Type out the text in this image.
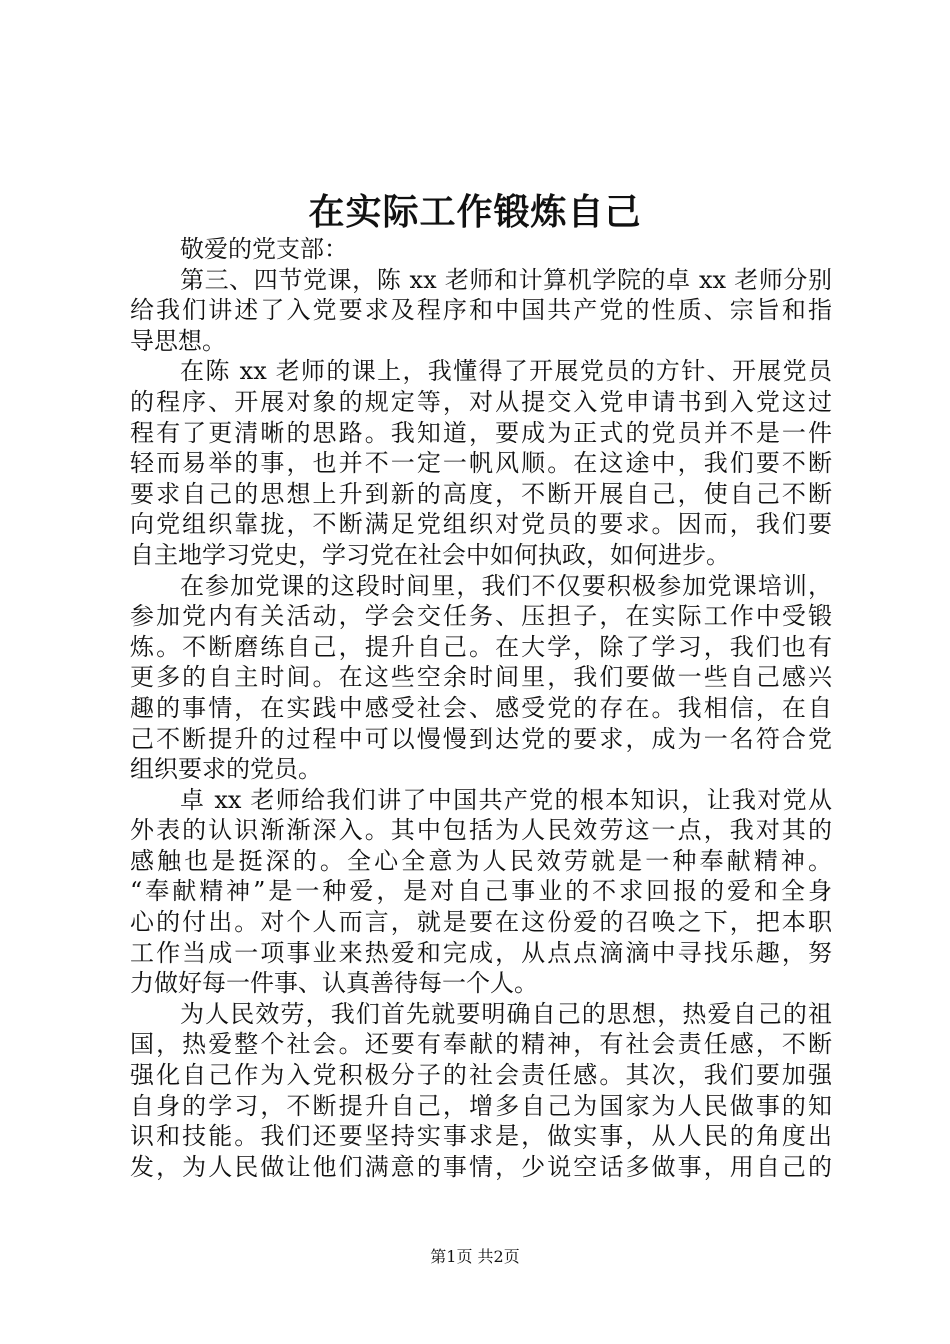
在实际工作锻炼自己
敬爱的党支部：
第三、四节党课，陈 xx 老师和计算机学院的卓 xx 老师分别
给我们讲述了入党要求及程序和中国共产党的性质、宗旨和指
导思想。
在陈 xx 老师的课上，我懂得了开展党员的方针、开展党员
的程序、开展对象的规定等，对从提交入党申请书到入党这过
程有了更清晰的思路。我知道，要成为正式的党员并不是一件
轻而易举的事，也并不一定一帆风顺。在这途中，我们要不断
要求自己的思想上升到新的高度，不断开展自己，使自己不断
向党组织靠拢，不断满足党组织对党员的要求。因而，我们要
自主地学习党史，学习党在社会中如何执政，如何进步。
在参加党课的这段时间里，我们不仅要积极参加党课培训，
参加党内有关活动，学会交任务、压担子，在实际工作中受锻
炼。不断磨练自己，提升自己。在大学，除了学习，我们也有
更多的自主时间。在这些空余时间里，我们要做一些自己感兴
趣的事情，在实践中感受社会、感受党的存在。我相信，在自
己不断提升的过程中可以慢慢到达党的要求，成为一名符合党
组织要求的党员。
卓 xx 老师给我们讲了中国共产党的根本知识，让我对党从
外表的认识渐渐深入。其中包括为人民效劳这一点，我对其的
感触也是挺深的。全心全意为人民效劳就是一种奉献精神。
“奉献精神”是一种爱，是对自己事业的不求回报的爱和全身
心的付出。对个人而言，就是要在这份爱的召唤之下，把本职
工作当成一项事业来热爱和完成，从点点滴滴中寻找乐趣，努
力做好每一件事、认真善待每一个人。
为人民效劳，我们首先就要明确自己的思想，热爱自己的祖
国，热爱整个社会。还要有奉献的精神，有社会责任感，不断
强化自己作为入党积极分子的社会责任感。其次，我们要加强
自身的学习，不断提升自己，增多自己为国家为人民做事的知
识和技能。我们还要坚持实事求是，做实事，从人民的角度出
发，为人民做让他们满意的事情，少说空话多做事，用自己的
第1页 共2页
